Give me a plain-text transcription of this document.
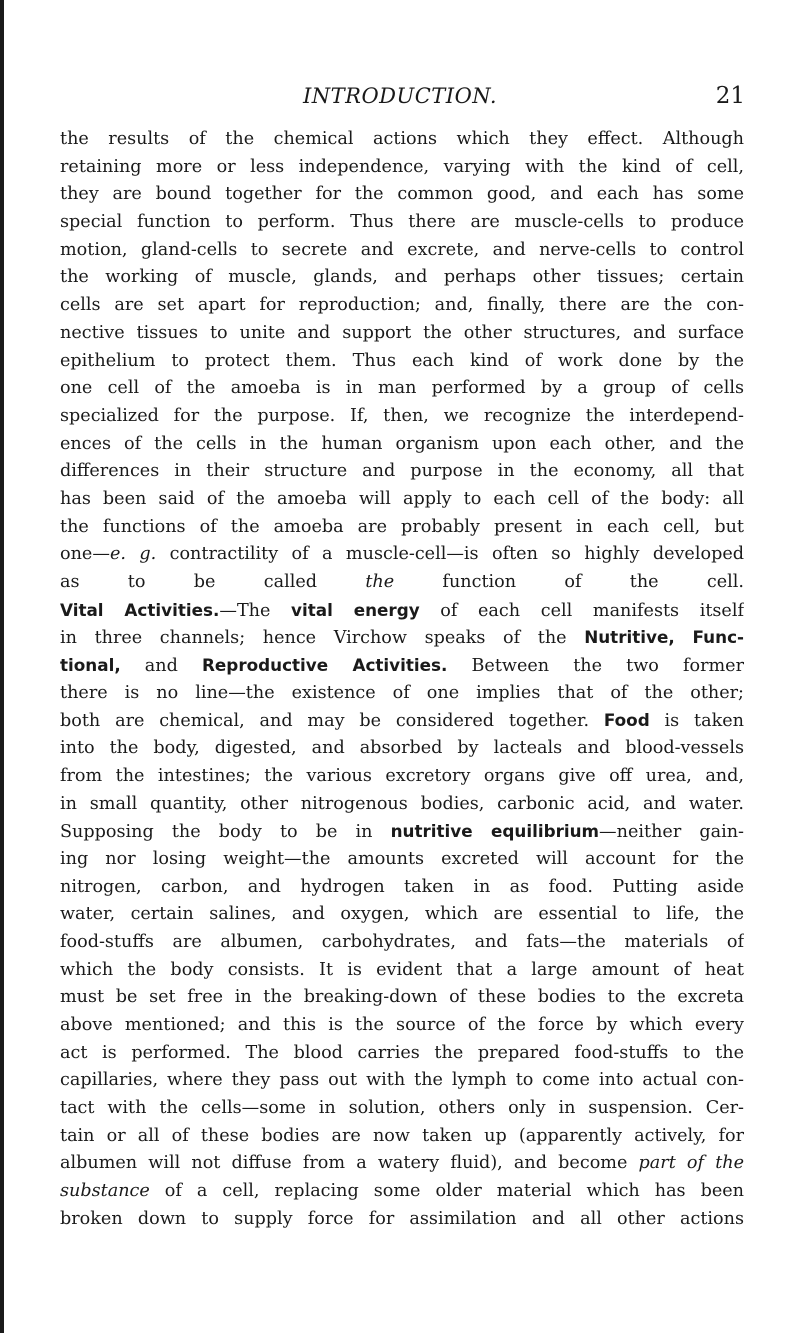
INTRODUCTION.	21
the results of the chemical actions which they effect. Although
retaining more or less independence, varying with the kind of cell,
they are bound together for the common good, and each has some
special function to perform. Thus there are muscle-cells to produce
motion, gland-cells to secrete and excrete, and nerve-cells to control
the working of muscle, glands, and perhaps other tissues; certain
cells are set apart for reproduction; and, finally, there are the con-
nective tissues to unite and support the other structures, and surface
epithelium to protect them. Thus each kind of work done by the
one cell of the amoeba is in man performed by a group of cells
specialized for the purpose. If, then, we recognize the interdepend-
ences of the cells in the human organism upon each other, and the
differences in their structure and purpose in the economy, all that
has been said of the amoeba will apply to each cell of the body: all
the functions of the amoeba are probably present in each cell, but
one—e. g. contractility of a muscle-cell—is often so highly developed
as to be called the function of the cell.
Vital Activities.—The vital energy of each cell manifests itself
in three channels; hence Virchow speaks of the Nutritive, Func-
tional, and Reproductive Activities. Between the two former
there is no line—the existence of one implies that of the other;
both are chemical, and may be considered together. Food is taken
into the body, digested, and absorbed by lacteals and blood-vessels
from the intestines; the various excretory organs give off urea, and,
in small quantity, other nitrogenous bodies, carbonic acid, and water.
Supposing the body to be in nutritive equilibrium—neither gain-
ing nor losing weight—the amounts excreted will account for the
nitrogen, carbon, and hydrogen taken in as food. Putting aside
water, certain salines, and oxygen, which are essential to life, the
food-stuffs are albumen, carbohydrates, and fats—the materials of
which the body consists. It is evident that a large amount of heat
must be set free in the breaking-down of these bodies to the excreta
above mentioned; and this is the source of the force by which every
act is performed. The blood carries the prepared food-stuffs to the
capillaries, where they pass out with the lymph to come into actual con-
tact with the cells—some in solution, others only in suspension. Cer-
tain or all of these bodies are now taken up (apparently actively, for
albumen will not diffuse from a watery fluid), and become part of the
substance of a cell, replacing some older material which has been
broken down to supply force for assimilation and all other actions
